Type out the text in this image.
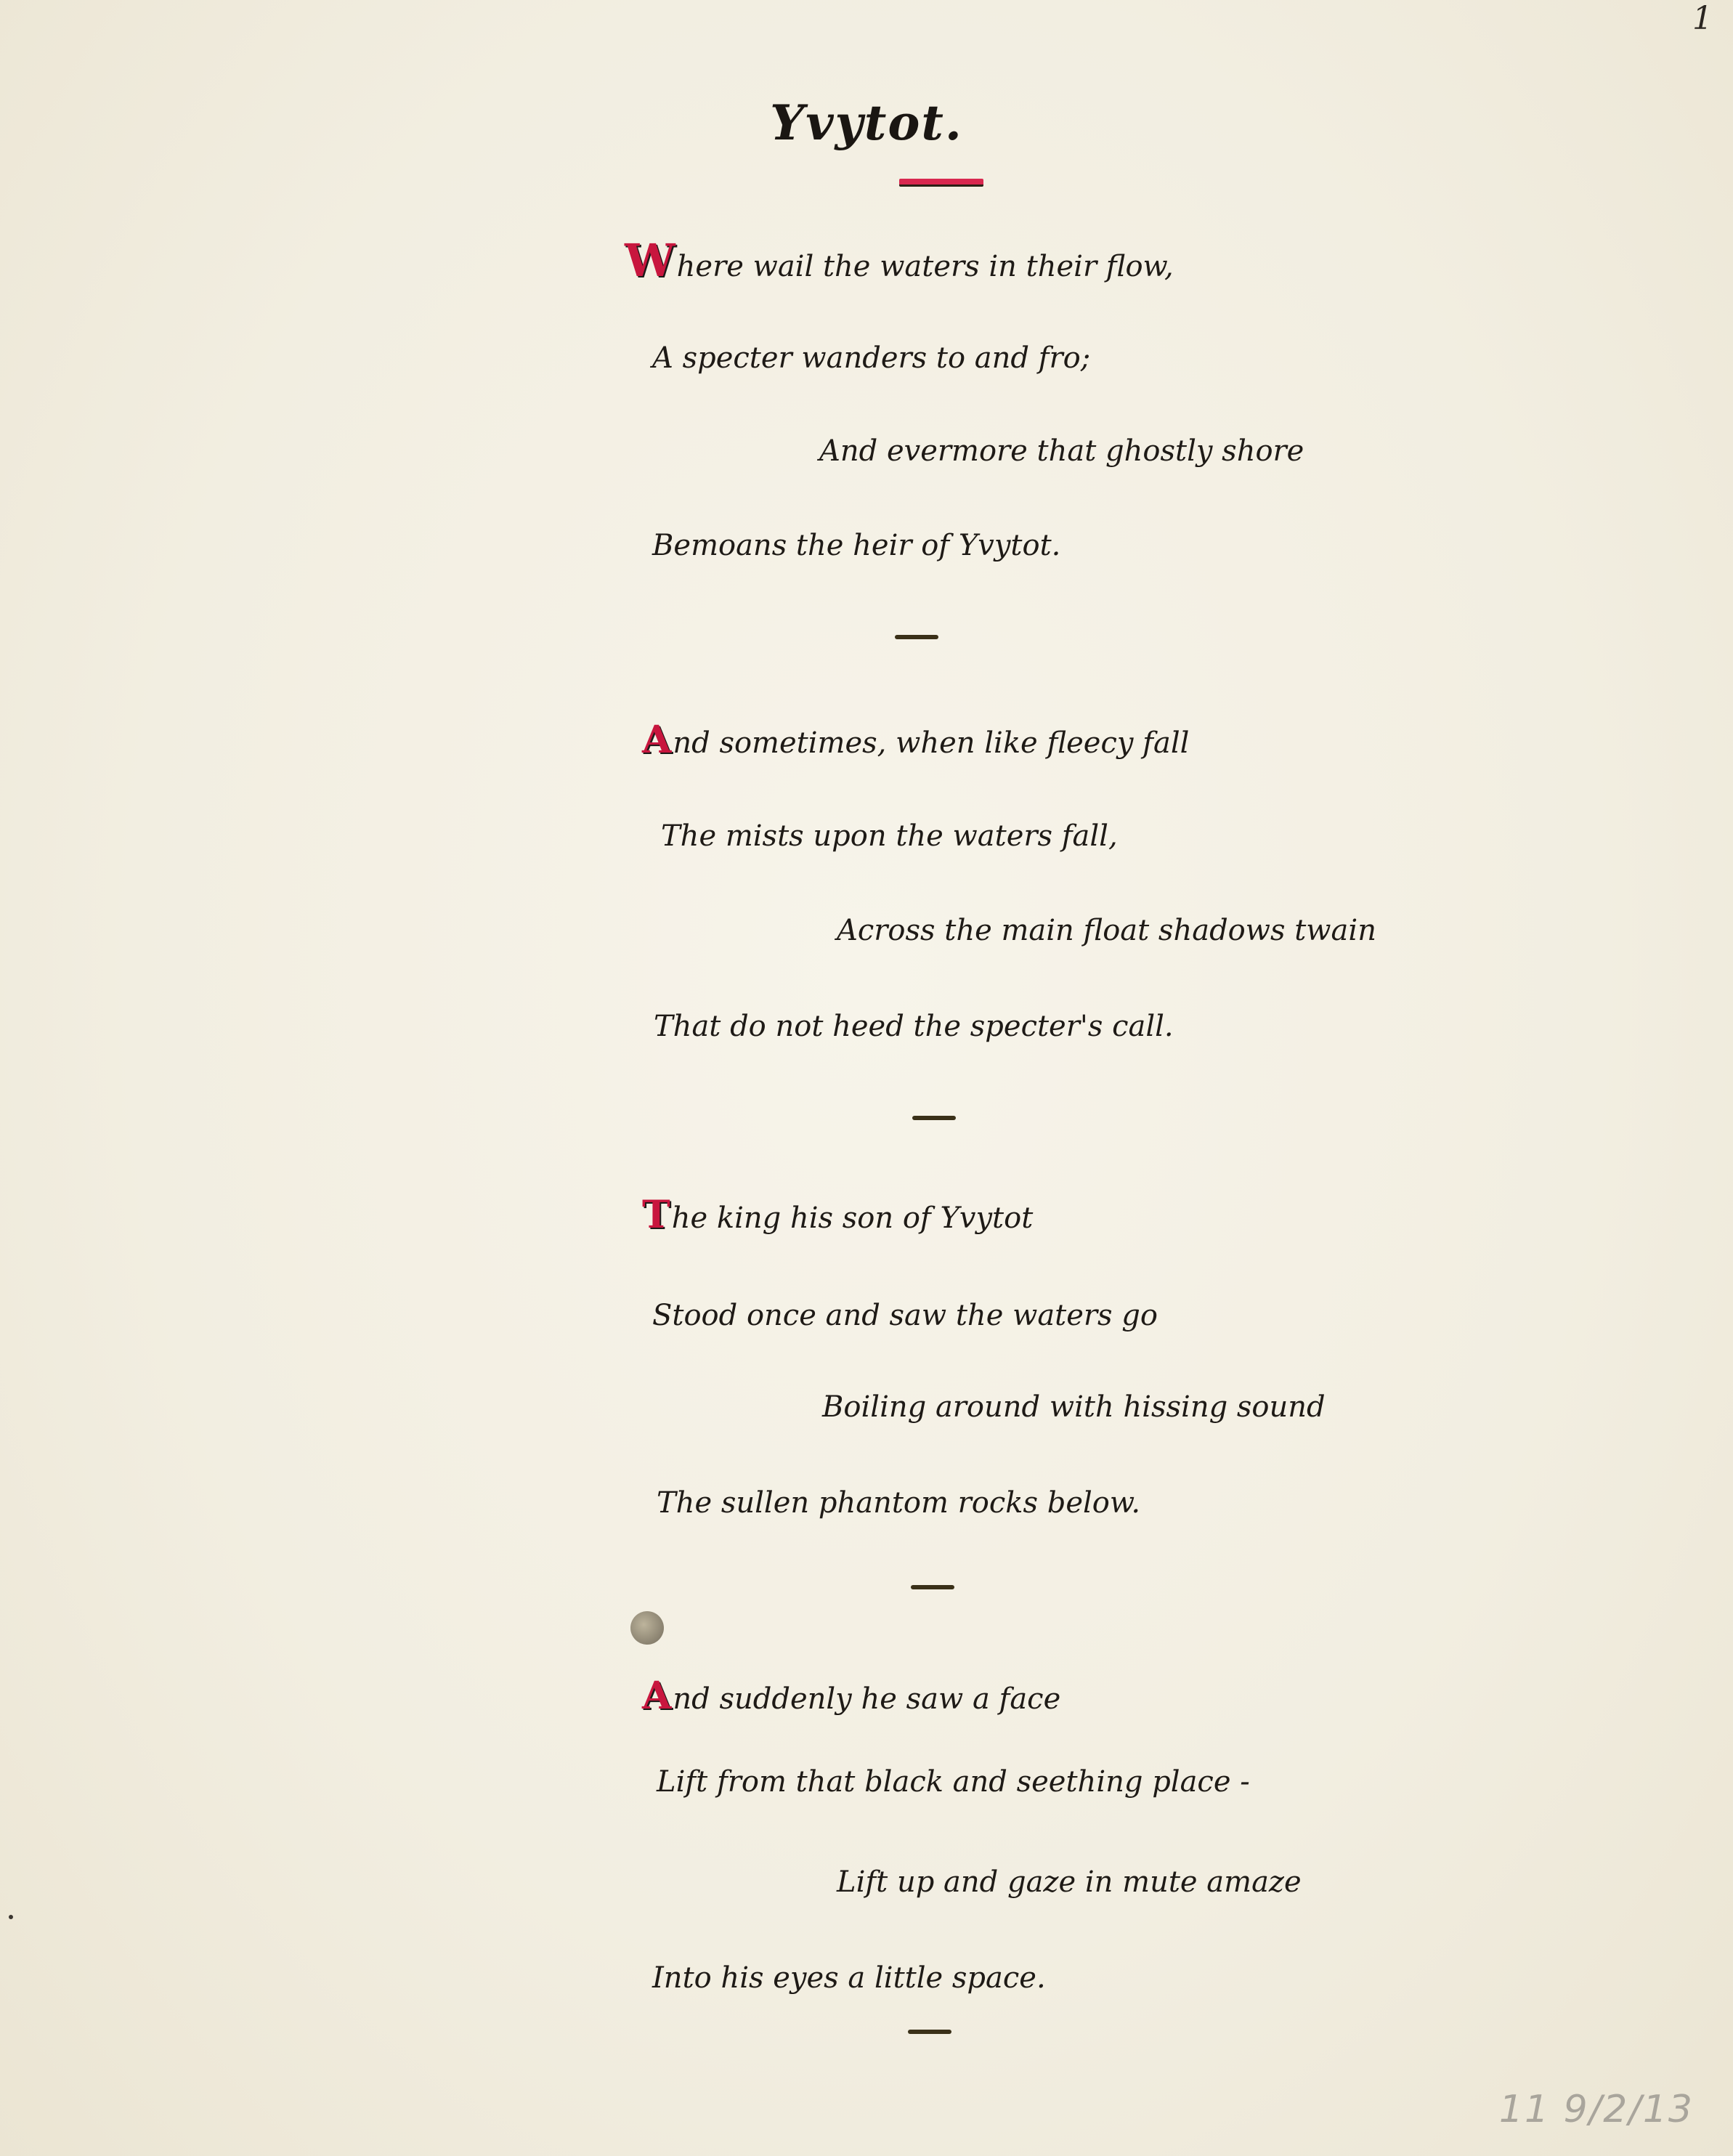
1
Yvytot.
Where wail the waters in their flow,
A specter wanders to and fro;
And evermore that ghostly shore
Bemoans the heir of Yvytot.
And sometimes, when like fleecy fall
The mists upon the waters fall,
Across the main float shadows twain
That do not heed the specter's call.
The king his son of Yvytot
Stood once and saw the waters go
Boiling around with hissing sound
The sullen phantom rocks below.
And suddenly he saw a face
Lift from that black and seething place -
Lift up and gaze in mute amaze
Into his eyes a little space.
11 9/2/13
